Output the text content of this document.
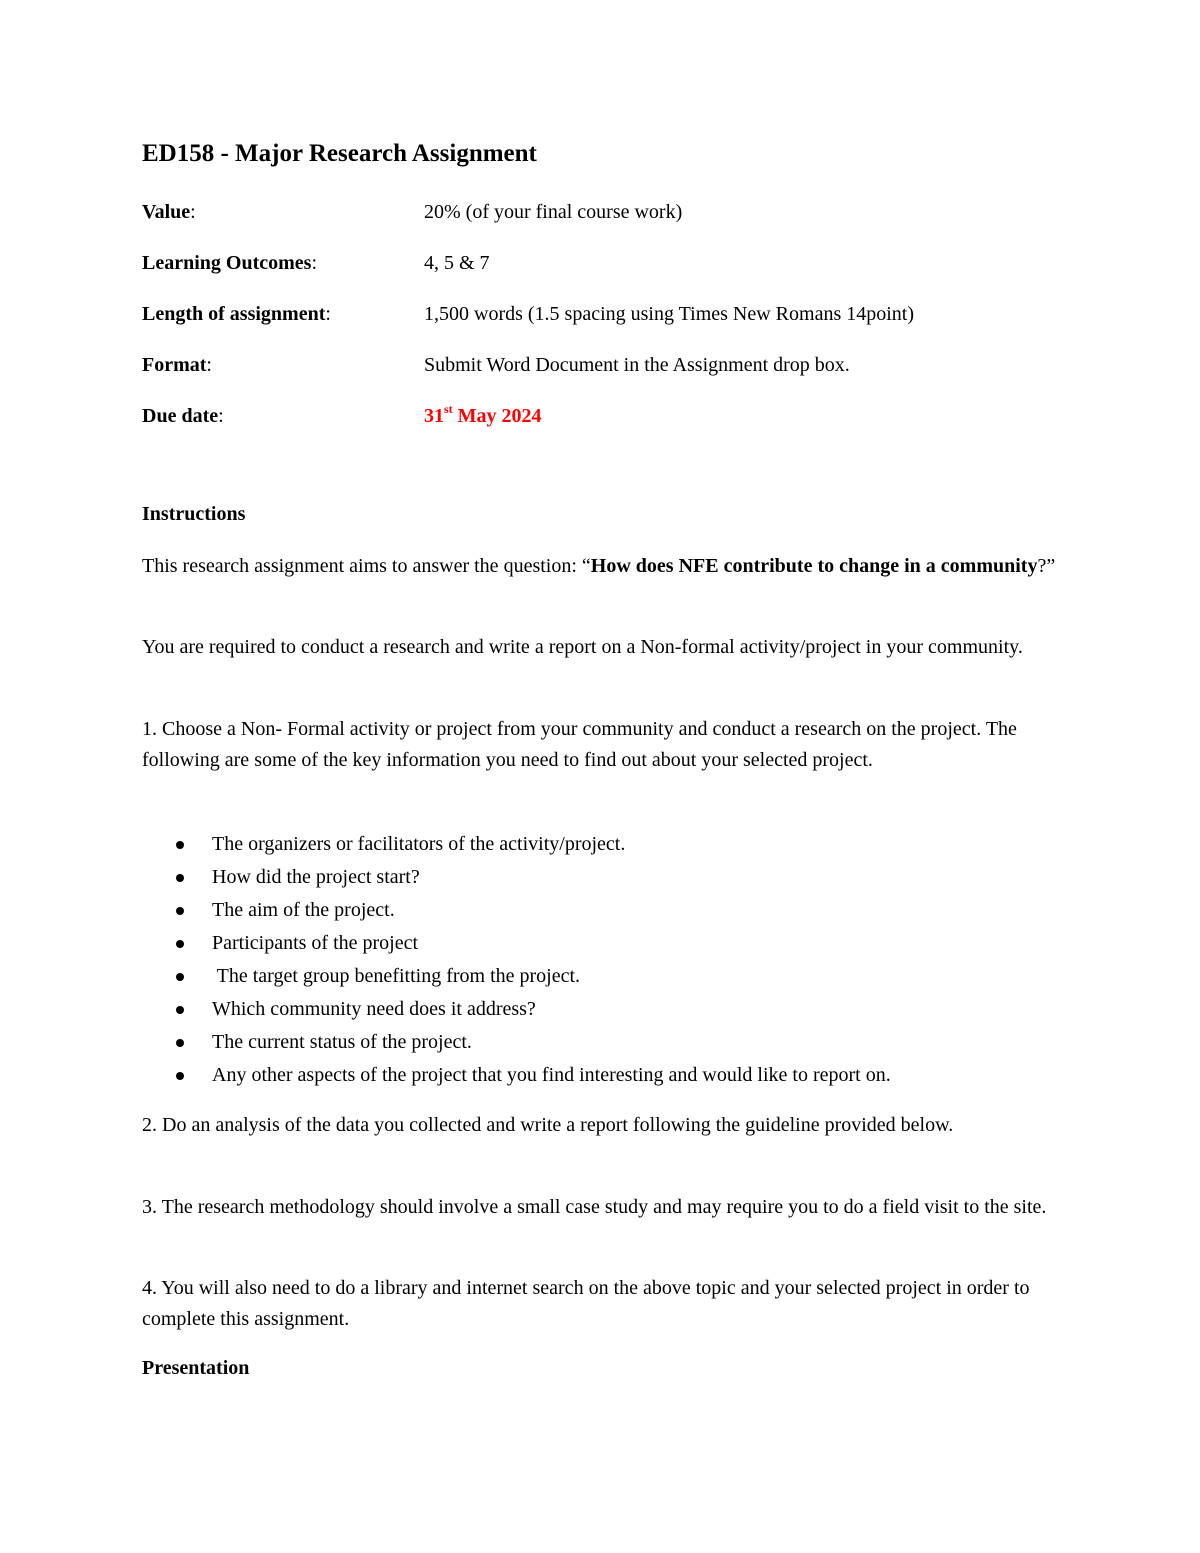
ED158 - Major Research Assignment
Value:	20% (of your final course work)
Learning Outcomes:	4, 5 & 7
Length of assignment:	1,500 words (1.5 spacing using Times New Romans 14point)
Format:	Submit Word Document in the Assignment drop box.
Due date:	31st May 2024
Instructions
This research assignment aims to answer the question: “How does NFE contribute to change in a community?”
You are required to conduct a research and write a report on a Non-formal activity/project in your community.
1. Choose a Non- Formal activity or project from your community and conduct a research on the project. The following are some of the key information you need to find out about your selected project.
The organizers or facilitators of the activity/project.
How did the project start?
The aim of the project.
Participants of the project
The target group benefitting from the project.
Which community need does it address?
The current status of the project.
Any other aspects of the project that you find interesting and would like to report on.
2. Do an analysis of the data you collected and write a report following the guideline provided below.
3. The research methodology should involve a small case study and may require you to do a field visit to the site.
4. You will also need to do a library and internet search on the above topic and your selected project in order to complete this assignment.
Presentation
